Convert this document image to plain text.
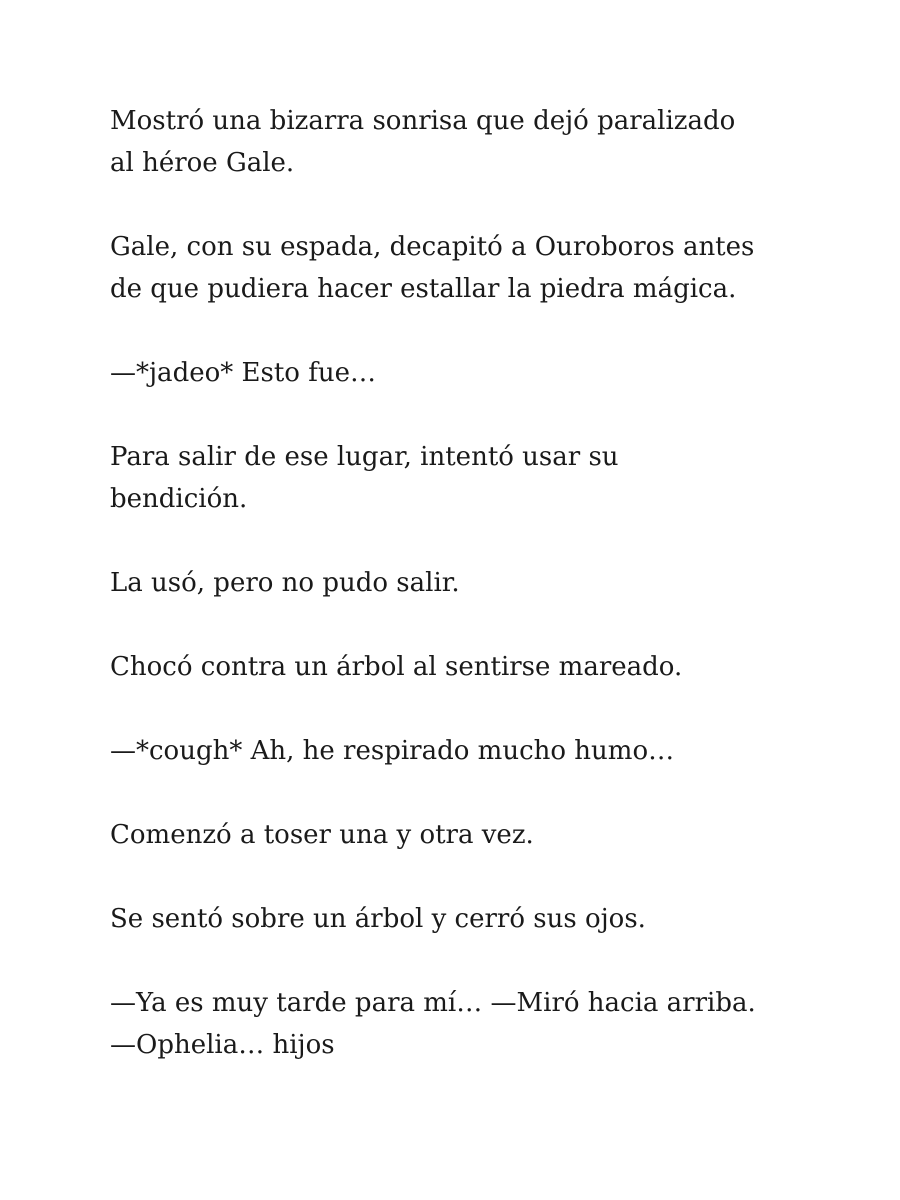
Mostró una bizarra sonrisa que dejó paralizado
al héroe Gale.

Gale, con su espada, decapitó a Ouroboros antes
de que pudiera hacer estallar la piedra mágica.

—*jadeo* Esto fue…

Para salir de ese lugar, intentó usar su
bendición.

La usó, pero no pudo salir.

Chocó contra un árbol al sentirse mareado.

—*cough* Ah, he respirado mucho humo…

Comenzó a toser una y otra vez.

Se sentó sobre un árbol y cerró sus ojos.

—Ya es muy tarde para mí… —Miró hacia arriba.
—Ophelia… hijos
